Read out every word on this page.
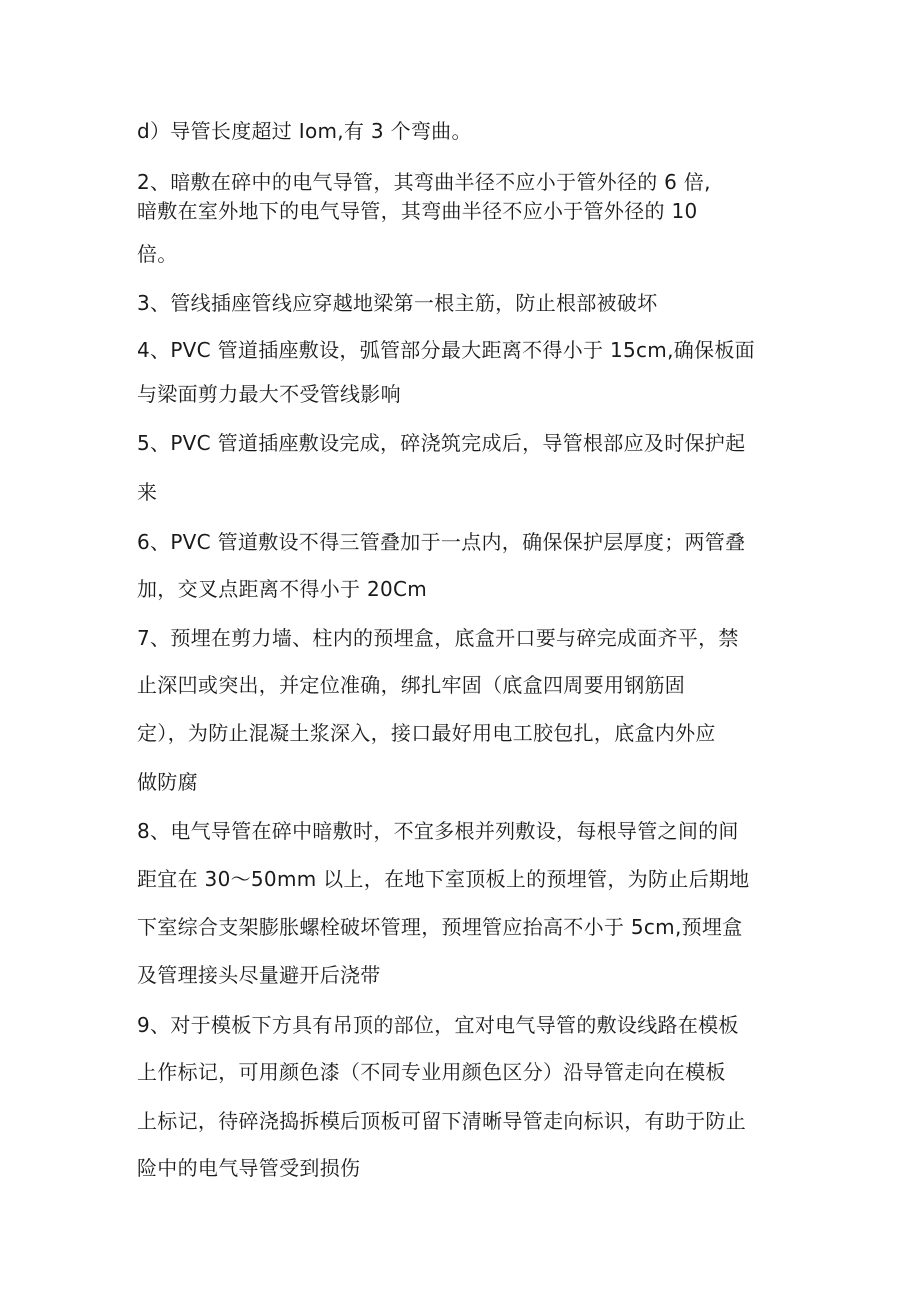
d）导管长度超过 Iom,有 3 个弯曲。
2、暗敷在碎中的电气导管，其弯曲半径不应小于管外径的 6 倍,
暗敷在室外地下的电气导管，其弯曲半径不应小于管外径的 10
倍。
3、管线插座管线应穿越地梁第一根主筋，防止根部被破坏
4、PVC 管道插座敷设，弧管部分最大距离不得小于 15cm,确保板面
与梁面剪力最大不受管线影响
5、PVC 管道插座敷设完成，碎浇筑完成后，导管根部应及时保护起
来
6、PVC 管道敷设不得三管叠加于一点内，确保保护层厚度；两管叠
加，交叉点距离不得小于 20Cm
7、预埋在剪力墙、柱内的预埋盒，底盒开口要与碎完成面齐平，禁
止深凹或突出，并定位准确，绑扎牢固（底盒四周要用钢筋固
定），为防止混凝土浆深入，接口最好用电工胶包扎，底盒内外应
做防腐
8、电气导管在碎中暗敷时，不宜多根并列敷设，每根导管之间的间
距宜在 30～50mm 以上，在地下室顶板上的预埋管，为防止后期地
下室综合支架膨胀螺栓破坏管理，预埋管应抬高不小于 5cm,预埋盒
及管理接头尽量避开后浇带
9、对于模板下方具有吊顶的部位，宜对电气导管的敷设线路在模板
上作标记，可用颜色漆（不同专业用颜色区分）沿导管走向在模板
上标记，待碎浇捣拆模后顶板可留下清晰导管走向标识，有助于防止
险中的电气导管受到损伤
